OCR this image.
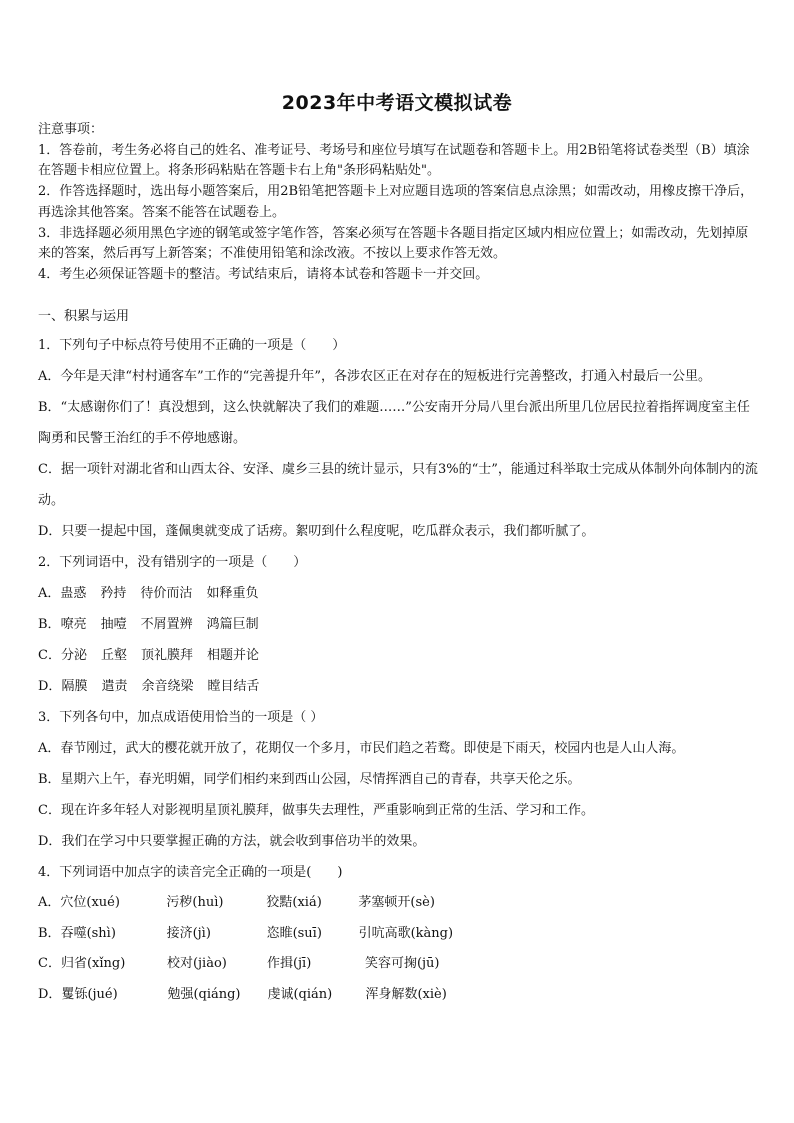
2023年中考语文模拟试卷

注意事项：

1．答卷前，考生务必将自己的姓名、准考证号、考场号和座位号填写在试题卷和答题卡上。用2B铅笔将试卷类型（B）填涂在答题卡相应位置上。将条形码粘贴在答题卡右上角"条形码粘贴处"。

2．作答选择题时，选出每小题答案后，用2B铅笔把答题卡上对应题目选项的答案信息点涂黑；如需改动，用橡皮擦干净后，再选涂其他答案。答案不能答在试题卷上。

3．非选择题必须用黑色字迹的钢笔或签字笔作答，答案必须写在答题卡各题目指定区域内相应位置上；如需改动，先划掉原来的答案，然后再写上新答案；不准使用铅笔和涂改液。不按以上要求作答无效。

4．考生必须保证答题卡的整洁。考试结束后，请将本试卷和答题卡一并交回。

一、积累与运用

1．下列句子中标点符号使用不正确的一项是（　　）

A．今年是天津“村村通客车”工作的“完善提升年”，各涉农区正在对存在的短板进行完善整改，打通入村最后一公里。

B．“太感谢你们了！真没想到，这么快就解决了我们的难题……”公安南开分局八里台派出所里几位居民拉着指挥调度室主任陶勇和民警王治红的手不停地感谢。

C．据一项针对湖北省和山西太谷、安泽、虞乡三县的统计显示，只有3%的“士”，能通过科举取士完成从体制外向体制内的流动。

D．只要一提起中国，蓬佩奥就变成了话痨。絮叨到什么程度呢，吃瓜群众表示，我们都听腻了。

2．下列词语中，没有错别字的一项是（　　）

A．蛊惑 矜持 待价而沽 如释重负

B．嘹亮 抽噎 不屑置辨 鸿篇巨制

C．分泌 丘壑 顶礼膜拜 相题并论

D．隔膜 遣责 余音绕梁 瞠目结舌

3．下列各句中，加点成语使用恰当的一项是（ ）

A．春节刚过，武大的樱花就开放了，花期仅一个多月，市民们趋之若鹜。即使是下雨天，校园内也是人山人海。

B．星期六上午，春光明媚，同学们相约来到西山公园，尽情挥洒自己的青春，共享天伦之乐。

C．现在许多年轻人对影视明星顶礼膜拜，做事失去理性，严重影响到正常的生活、学习和工作。

D．我们在学习中只要掌握正确的方法，就会收到事倍功半的效果。

4．下列词语中加点字的读音完全正确的一项是(　　)

A．穴位(xué)	污秽(huì)	狡黠(xiá)	茅塞顿开(sè)

B．吞噬(shì)	接济(jì)	恣睢(suī)	引吭高歌(kàng)

C．归省(xǐng)	校对(jiào)	作揖(jī)	笑容可掬(jū)

D．矍铄(jué)	勉强(qiáng) 虔诚(qián)	浑身解数(xiè)
